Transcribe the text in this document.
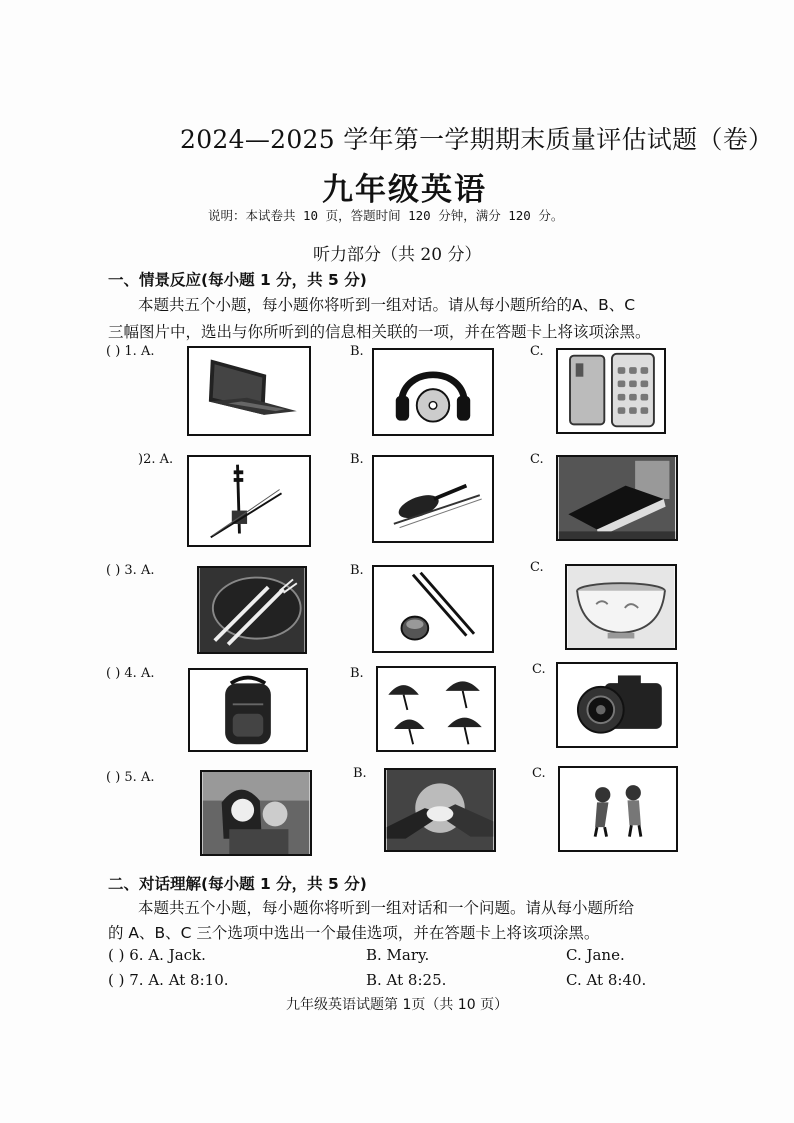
2024—2025 学年第一学期期末质量评估试题（卷）
九年级英语
说明：本试卷共 10 页，答题时间 120 分钟，满分 120 分。
听力部分（共 20 分）
一、情景反应(每小题 1 分，共 5 分)
本题共五个小题，每小题你将听到一组对话。请从每小题所给的A、B、C
三幅图片中，选出与你所听到的信息相关联的一项，并在答题卡上将该项涂黑。
( ) 1. A.	B.	C.
)2. A.	B.	C.
( ) 3. A.	B.	C.
( ) 4. A.	B.	C.
( ) 5. A.	B.	C.
二、对话理解(每小题 1 分，共 5 分)
本题共五个小题，每小题你将听到一组对话和一个问题。请从每小题所给
的 A、B、C 三个选项中选出一个最佳选项，并在答题卡上将该项涂黑。
( ) 6. A. Jack.	B. Mary.	C. Jane.
( ) 7. A. At 8:10.	B. At 8:25.	C. At 8:40.
九年级英语试题第 1页（共 10 页）
